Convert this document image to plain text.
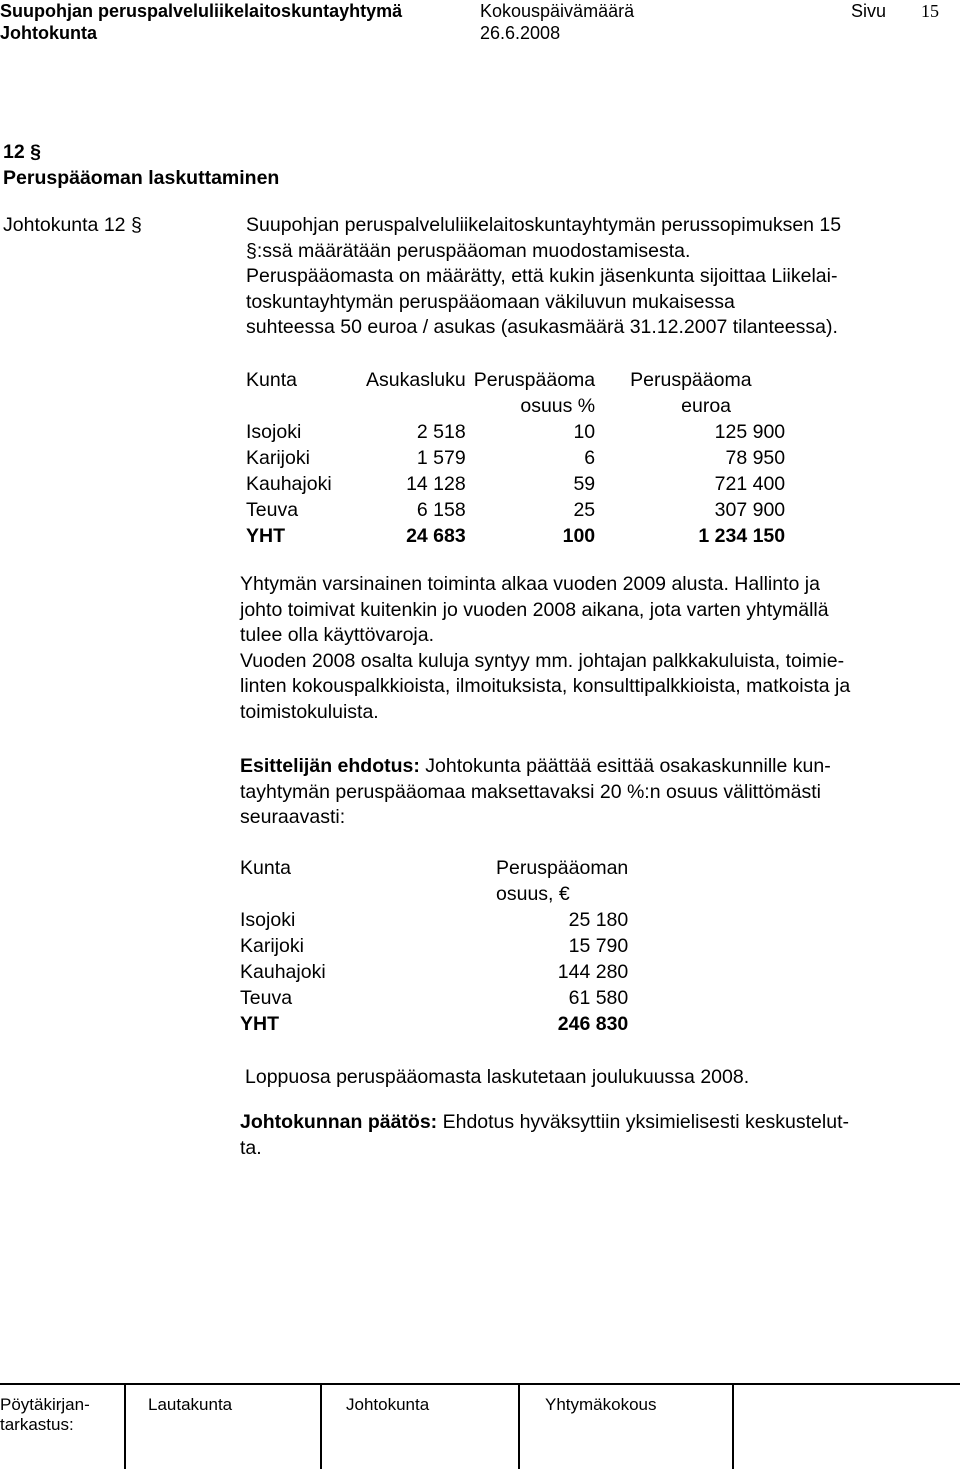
Suupohjan peruspalveluliikelaitoskuntayhtymä	Kokouspäivämäärä	Sivu 15
Johtokunta	26.6.2008
12 §
Peruspääoman laskuttaminen
Johtokunta 12 §	Suupohjan peruspalveluliikelaitoskuntayhtymän perussopimuksen 15
§:ssä määrätään peruspääoman muodostamisesta.
Peruspääomasta on määrätty, että kukin jäsenkunta sijoittaa Liikelai-
toskuntayhtymän peruspääomaan väkiluvun mukaisessa
suhteessa 50 euroa / asukas (asukasmäärä 31.12.2007 tilanteessa).
Kunta	Asukasluku	Peruspääoma	Peruspääoma
		osuus %	euroa
Isojoki	2 518	10	125 900
Karijoki	1 579	6	78 950
Kauhajoki	14 128	59	721 400
Teuva	6 158	25	307 900
YHT	24 683	100	1 234 150
Yhtymän varsinainen toiminta alkaa vuoden 2009 alusta. Hallinto ja
johto toimivat kuitenkin jo vuoden 2008 aikana, jota varten yhtymällä
tulee olla käyttövaroja.
Vuoden 2008 osalta kuluja syntyy mm. johtajan palkkakuluista, toimie-
linten kokouspalkkioista, ilmoituksista, konsulttipalkkioista, matkoista ja
toimistokuluista.
Esittelijän ehdotus: Johtokunta päättää esittää osakaskunnille kun-
tayhtymän peruspääomaa maksettavaksi 20 %:n osuus välittömästi
seuraavasti:
Kunta	Peruspääoman
	osuus, €
Isojoki	25 180
Karijoki	15 790
Kauhajoki	144 280
Teuva	61 580
YHT	246 830
Loppuosa peruspääomasta laskutetaan joulukuussa 2008.
Johtokunnan päätös: Ehdotus hyväksyttiin yksimielisesti keskustelut-
ta.
Pöytäkirjan-
tarkastus:
Lautakunta	Johtokunta	Yhtymäkokous
